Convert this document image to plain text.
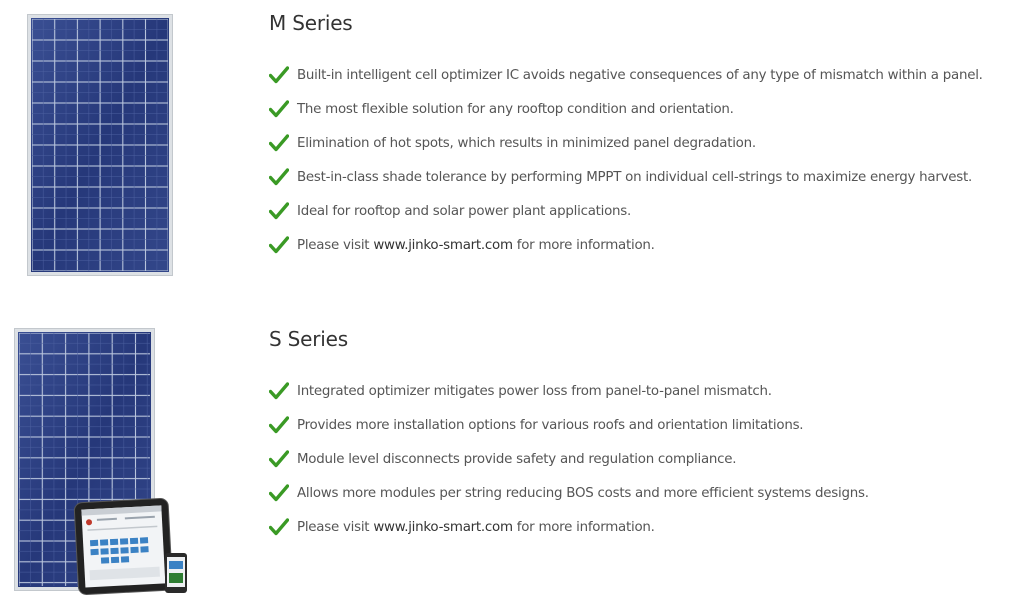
M Series
Built-in intelligent cell optimizer IC avoids negative consequences of any type of mismatch within a panel.
The most flexible solution for any rooftop condition and orientation.
Elimination of hot spots, which results in minimized panel degradation.
Best-in-class shade tolerance by performing MPPT on individual cell-strings to maximize energy harvest.
Ideal for rooftop and solar power plant applications.
Please visit www.jinko-smart.com for more information.
S Series
Integrated optimizer mitigates power loss from panel-to-panel mismatch.
Provides more installation options for various roofs and orientation limitations.
Module level disconnects provide safety and regulation compliance.
Allows more modules per string reducing BOS costs and more efficient systems designs.
Please visit www.jinko-smart.com for more information.
